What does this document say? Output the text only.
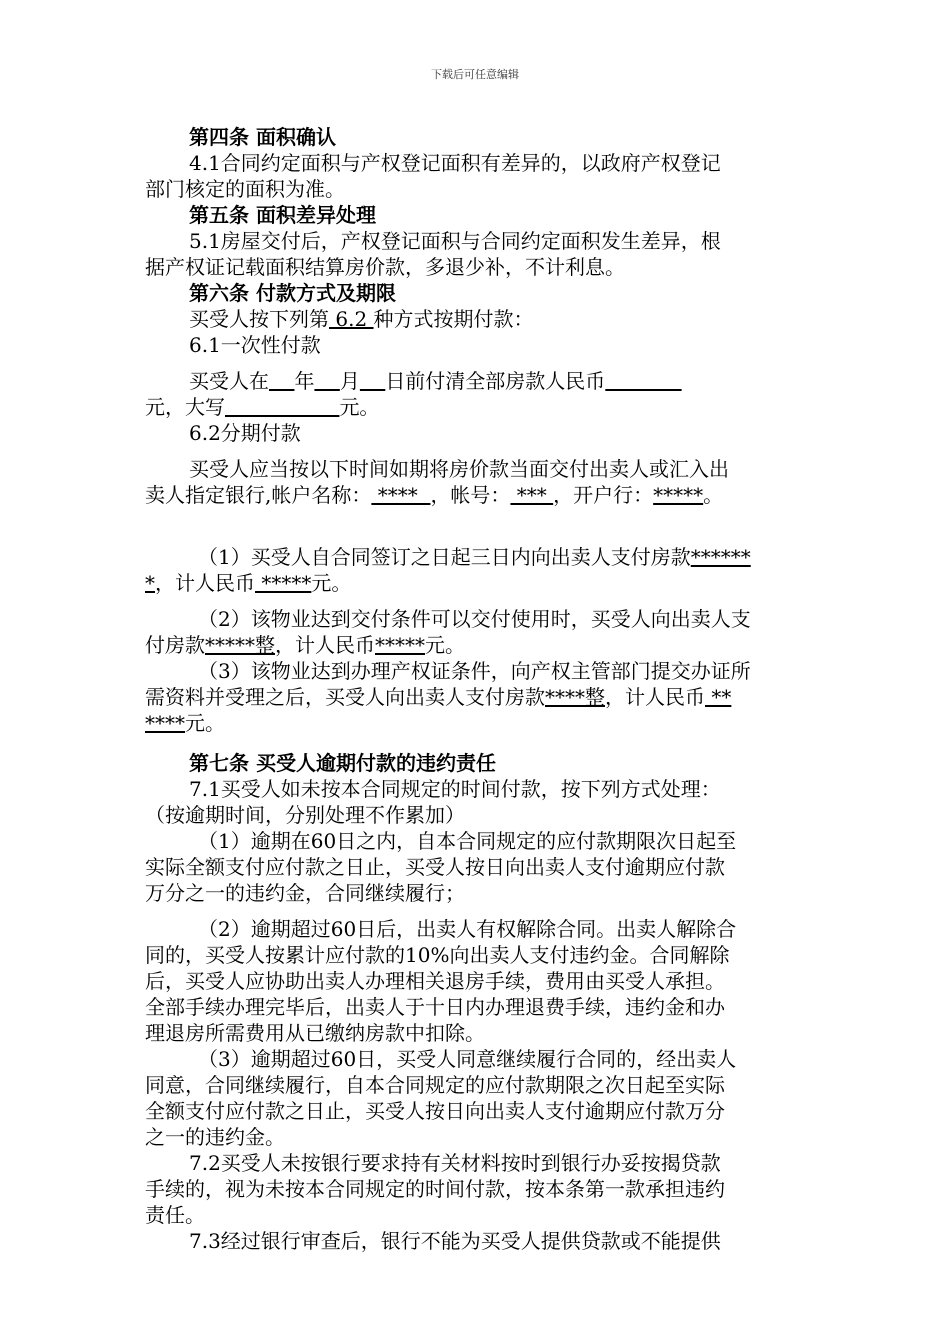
下载后可任意编辑
第四条 面积确认
4.1合同约定面积与产权登记面积有差异的，以政府产权登记
部门核定的面积为准。
第五条 面积差异处理
5.1房屋交付后，产权登记面积与合同约定面积发生差异，根
据产权证记载面积结算房价款，多退少补，不计利息。
第六条 付款方式及期限
买受人按下列第 6.2 种方式按期付款：
6.1一次性付款
买受人在 年 月 日前付清全部房款人民币
元，大写	元。
6.2分期付款
买受人应当按以下时间如期将房价款当面交付出卖人或汇入出
卖人指定银行,帐户名称： ****  ，帐号： *** ，开户行：*****。
（1）买受人自合同签订之日起三日内向出卖人支付房款******
*，计人民币 *****元。
（2）该物业达到交付条件可以交付使用时，买受人向出卖人支
付房款*****整，计人民币*****元。
（3）该物业达到办理产权证条件，向产权主管部门提交办证所
需资料并受理之后，买受人向出卖人支付房款****整，计人民币 **
****元。
第七条 买受人逾期付款的违约责任
7.1买受人如未按本合同规定的时间付款，按下列方式处理：
（按逾期时间，分别处理不作累加）
（1）逾期在60日之内，自本合同规定的应付款期限次日起至
实际全额支付应付款之日止，买受人按日向出卖人支付逾期应付款
万分之一的违约金，合同继续履行；
（2）逾期超过60日后，出卖人有权解除合同。出卖人解除合
同的，买受人按累计应付款的10%向出卖人支付违约金。合同解除
后，买受人应协助出卖人办理相关退房手续，费用由买受人承担。
全部手续办理完毕后，出卖人于十日内办理退费手续，违约金和办
理退房所需费用从已缴纳房款中扣除。
（3）逾期超过60日，买受人同意继续履行合同的，经出卖人
同意，合同继续履行，自本合同规定的应付款期限之次日起至实际
全额支付应付款之日止，买受人按日向出卖人支付逾期应付款万分
之一的违约金。
7.2买受人未按银行要求持有关材料按时到银行办妥按揭贷款
手续的，视为未按本合同规定的时间付款，按本条第一款承担违约
责任。
7.3经过银行审查后，银行不能为买受人提供贷款或不能提供
